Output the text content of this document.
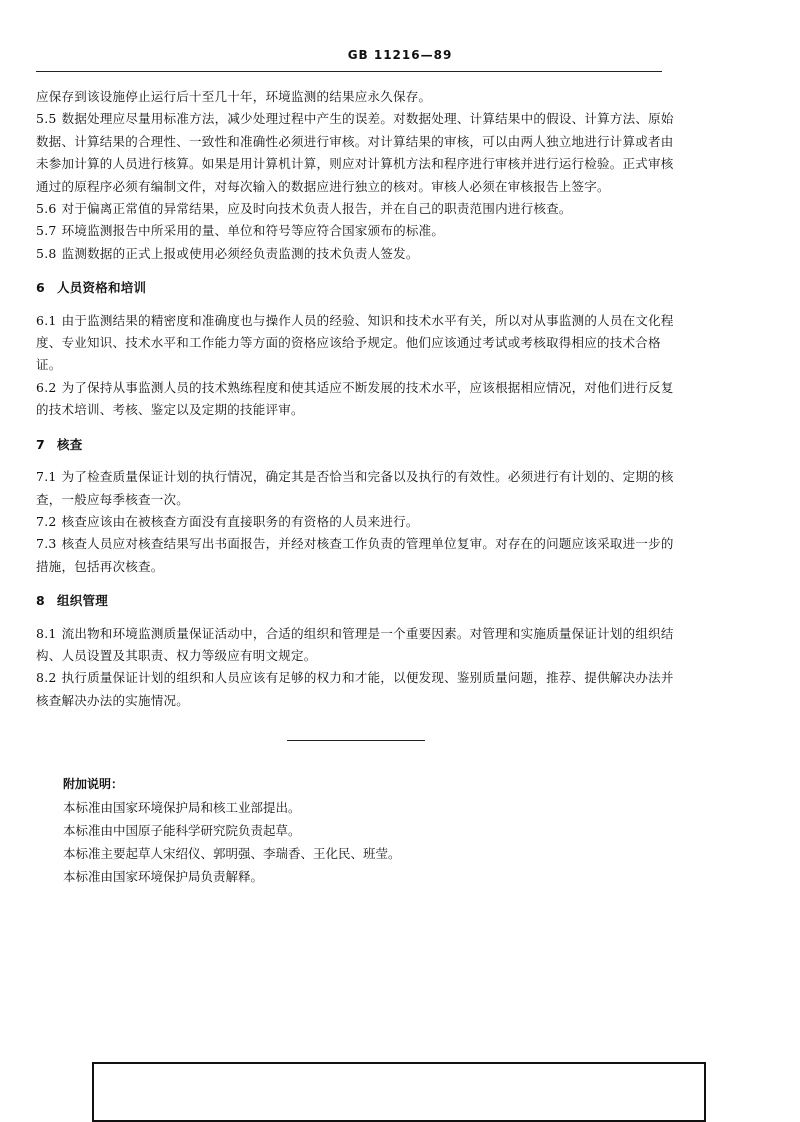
GB 11216—89

应保存到该设施停止运行后十至几十年，环境监测的结果应永久保存。

5.5 数据处理应尽量用标准方法，减少处理过程中产生的误差。对数据处理、计算结果中的假设、计算方法、原始数据、计算结果的合理性、一致性和准确性必须进行审核。对计算结果的审核，可以由两人独立地进行计算或者由未参加计算的人员进行核算。如果是用计算机计算，则应对计算机方法和程序进行审核并进行运行检验。正式审核通过的原程序必须有编制文件，对每次输入的数据应进行独立的核对。审核人必须在审核报告上签字。

5.6 对于偏离正常值的异常结果，应及时向技术负责人报告，并在自己的职责范围内进行核查。

5.7 环境监测报告中所采用的量、单位和符号等应符合国家颁布的标准。

5.8 监测数据的正式上报或使用必须经负责监测的技术负责人签发。

6 人员资格和培训

6.1 由于监测结果的精密度和准确度也与操作人员的经验、知识和技术水平有关，所以对从事监测的人员在文化程度、专业知识、技术水平和工作能力等方面的资格应该给予规定。他们应该通过考试或考核取得相应的技术合格证。

6.2 为了保持从事监测人员的技术熟练程度和使其适应不断发展的技术水平，应该根据相应情况，对他们进行反复的技术培训、考核、鉴定以及定期的技能评审。

7 核查

7.1 为了检查质量保证计划的执行情况，确定其是否恰当和完备以及执行的有效性。必须进行有计划的、定期的核查，一般应每季核查一次。

7.2 核查应该由在被核查方面没有直接职务的有资格的人员来进行。

7.3 核查人员应对核查结果写出书面报告，并经对核查工作负责的管理单位复审。对存在的问题应该采取进一步的措施，包括再次核查。

8 组织管理

8.1 流出物和环境监测质量保证活动中，合适的组织和管理是一个重要因素。对管理和实施质量保证计划的组织结构、人员设置及其职责、权力等级应有明文规定。

8.2 执行质量保证计划的组织和人员应该有足够的权力和才能，以便发现、鉴别质量问题，推荐、提供解决办法并核查解决办法的实施情况。

附加说明：
本标准由国家环境保护局和核工业部提出。
本标准由中国原子能科学研究院负责起草。
本标准主要起草人宋绍仪、郭明强、李瑞香、王化民、班莹。
本标准由国家环境保护局负责解释。
